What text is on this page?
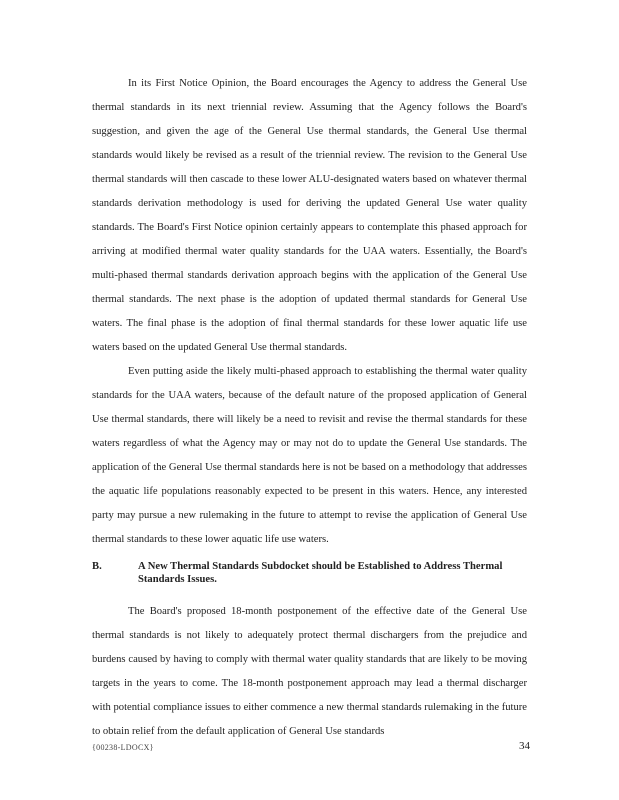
In its First Notice Opinion, the Board encourages the Agency to address the General Use thermal standards in its next triennial review. Assuming that the Agency follows the Board's suggestion, and given the age of the General Use thermal standards, the General Use thermal standards would likely be revised as a result of the triennial review. The revision to the General Use thermal standards will then cascade to these lower ALU-designated waters based on whatever thermal standards derivation methodology is used for deriving the updated General Use water quality standards. The Board's First Notice opinion certainly appears to contemplate this phased approach for arriving at modified thermal water quality standards for the UAA waters. Essentially, the Board's multi-phased thermal standards derivation approach begins with the application of the General Use thermal standards. The next phase is the adoption of updated thermal standards for General Use waters. The final phase is the adoption of final thermal standards for these lower aquatic life use waters based on the updated General Use thermal standards.

Even putting aside the likely multi-phased approach to establishing the thermal water quality standards for the UAA waters, because of the default nature of the proposed application of General Use thermal standards, there will likely be a need to revisit and revise the thermal standards for these waters regardless of what the Agency may or may not do to update the General Use standards. The application of the General Use thermal standards here is not be based on a methodology that addresses the aquatic life populations reasonably expected to be present in this waters. Hence, any interested party may pursue a new rulemaking in the future to attempt to revise the application of General Use thermal standards to these lower aquatic life use waters.

B.	A New Thermal Standards Subdocket should be Established to Address Thermal Standards Issues.

The Board's proposed 18-month postponement of the effective date of the General Use thermal standards is not likely to adequately protect thermal dischargers from the prejudice and burdens caused by having to comply with thermal water quality standards that are likely to be moving targets in the years to come. The 18-month postponement approach may lead a thermal discharger with potential compliance issues to either commence a new thermal standards rulemaking in the future to obtain relief from the default application of General Use standards

{00238-LDOCX}	34
